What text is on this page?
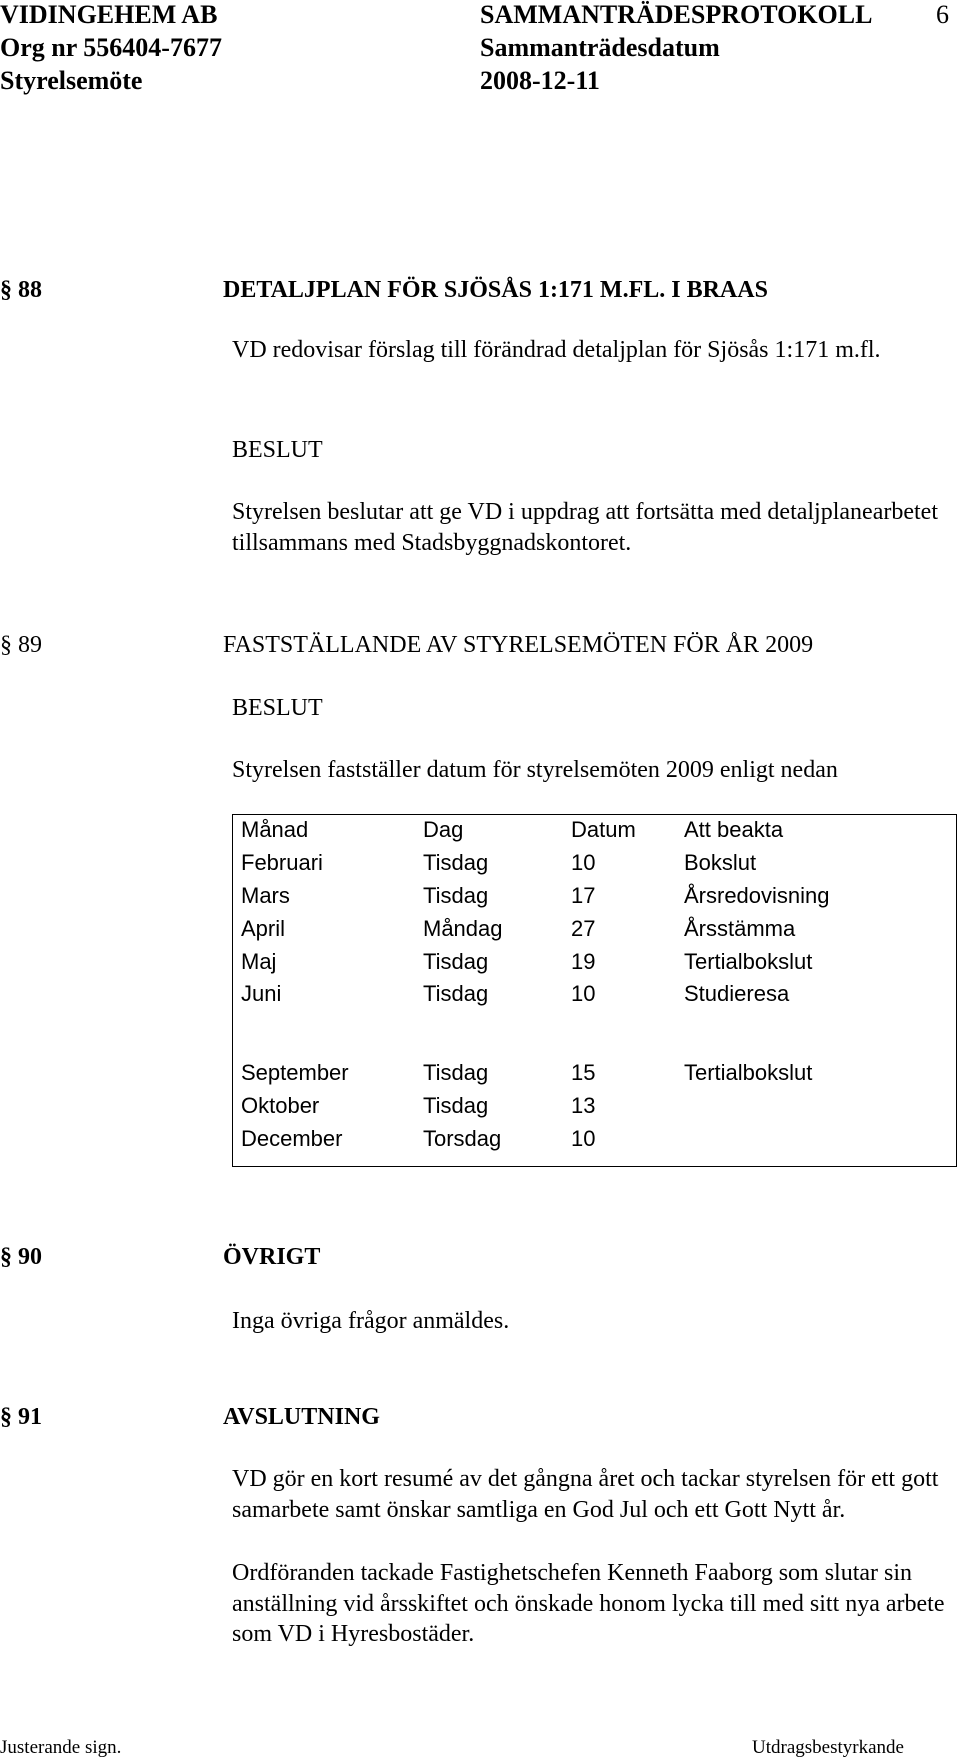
VIDINGEHEM AB
Org nr 556404-7677
Styrelsemöte
SAMMANTRÄDESPROTOKOLL 6
Sammanträdesdatum
2008-12-11
§ 88	DETALJPLAN FÖR SJÖSÅS 1:171 M.FL. I BRAAS
VD redovisar förslag till förändrad detaljplan för Sjösås 1:171 m.fl.
BESLUT
Styrelsen beslutar att ge VD i uppdrag att fortsätta med detaljplanearbetet tillsammans med Stadsbyggnadskontoret.
§ 89	FASTSTÄLLANDE AV STYRELSEMÖTEN FÖR ÅR 2009
BESLUT
Styrelsen fastställer datum för styrelsemöten 2009 enligt nedan
Månad	Dag	Datum	Att beakta
Februari	Tisdag	10	Bokslut
Mars	Tisdag	17	Årsredovisning
April	Måndag	27	Årsstämma
Maj	Tisdag	19	Tertialbokslut
Juni	Tisdag	10	Studieresa

September	Tisdag	15	Tertialbokslut
Oktober	Tisdag	13	
December	Torsdag	10	
§ 90	ÖVRIGT
Inga övriga frågor anmäldes.
§ 91	AVSLUTNING
VD gör en kort resumé av det gångna året och tackar styrelsen för ett gott samarbete samt önskar samtliga en God Jul och ett Gott Nytt år.
Ordföranden tackade Fastighetschefen Kenneth Faaborg som slutar sin anställning vid årsskiftet och önskade honom lycka till med sitt nya arbete som VD i Hyresbostäder.
Justerande sign.	Utdragsbestyrkande
